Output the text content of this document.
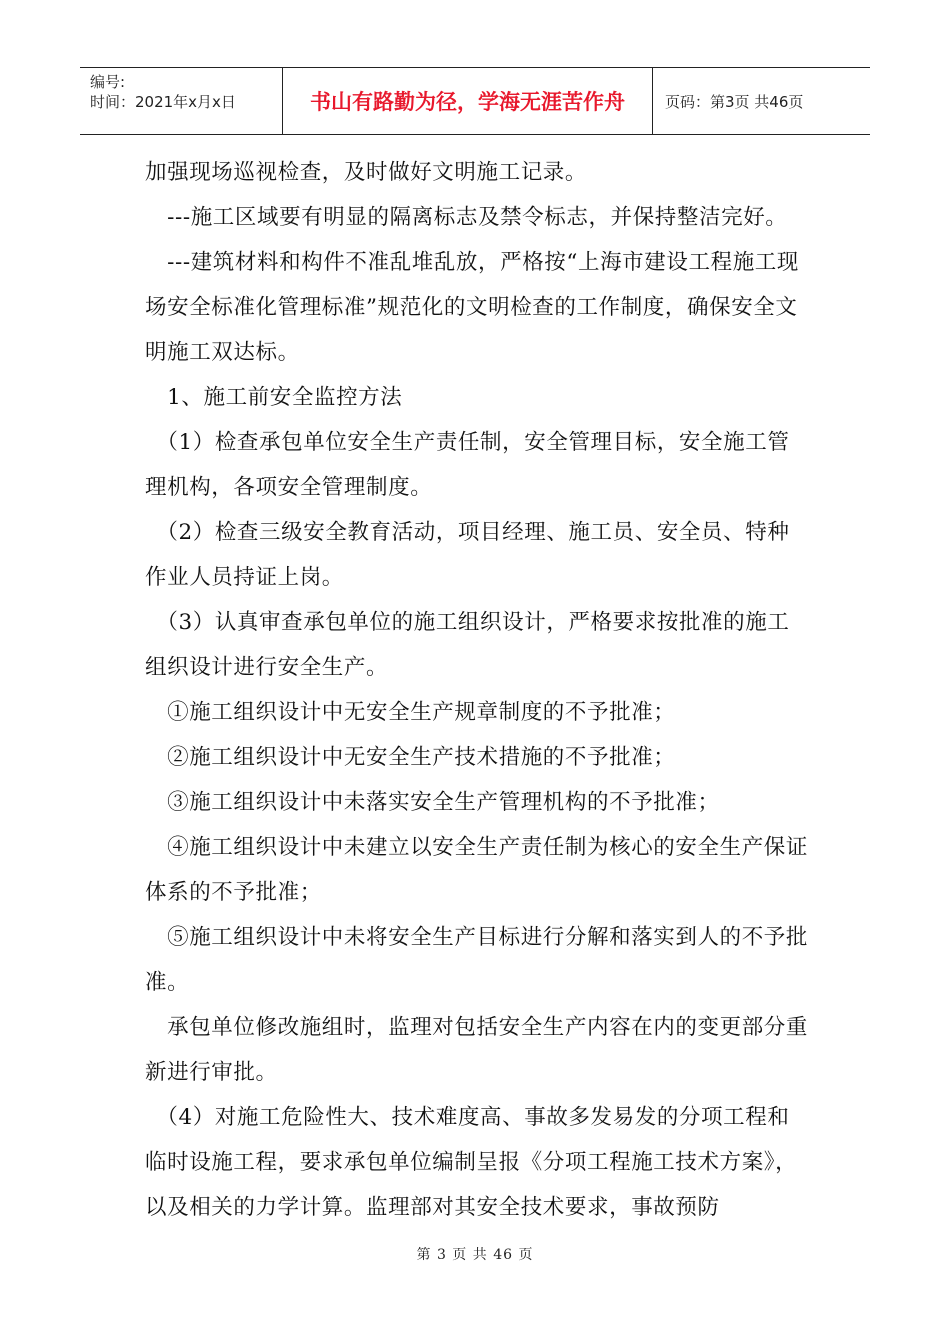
编号:
时间：2021年x月x日	书山有路勤为径，学海无涯苦作舟	页码：第3页 共46页

加强现场巡视检查，及时做好文明施工记录。

　---施工区域要有明显的隔离标志及禁令标志，并保持整洁完好。

　---建筑材料和构件不准乱堆乱放，严格按“上海市建设工程施工现场安全标准化管理标准”规范化的文明检查的工作制度，确保安全文明施工双达标。

　1、施工前安全监控方法

　（1）检查承包单位安全生产责任制，安全管理目标，安全施工管理机构，各项安全管理制度。

　（2）检查三级安全教育活动，项目经理、施工员、安全员、特种作业人员持证上岗。

　（3）认真审查承包单位的施工组织设计，严格要求按批准的施工组织设计进行安全生产。

　①施工组织设计中无安全生产规章制度的不予批准；

　②施工组织设计中无安全生产技术措施的不予批准；

　③施工组织设计中未落实安全生产管理机构的不予批准；

　④施工组织设计中未建立以安全生产责任制为核心的安全生产保证体系的不予批准；

　⑤施工组织设计中未将安全生产目标进行分解和落实到人的不予批准。

　承包单位修改施组时，监理对包括安全生产内容在内的变更部分重新进行审批。

　（4）对施工危险性大、技术难度高、事故多发易发的分项工程和临时设施工程，要求承包单位编制呈报《分项工程施工技术方案》，以及相关的力学计算。监理部对其安全技术要求，事故预防

第 3 页 共 46 页
